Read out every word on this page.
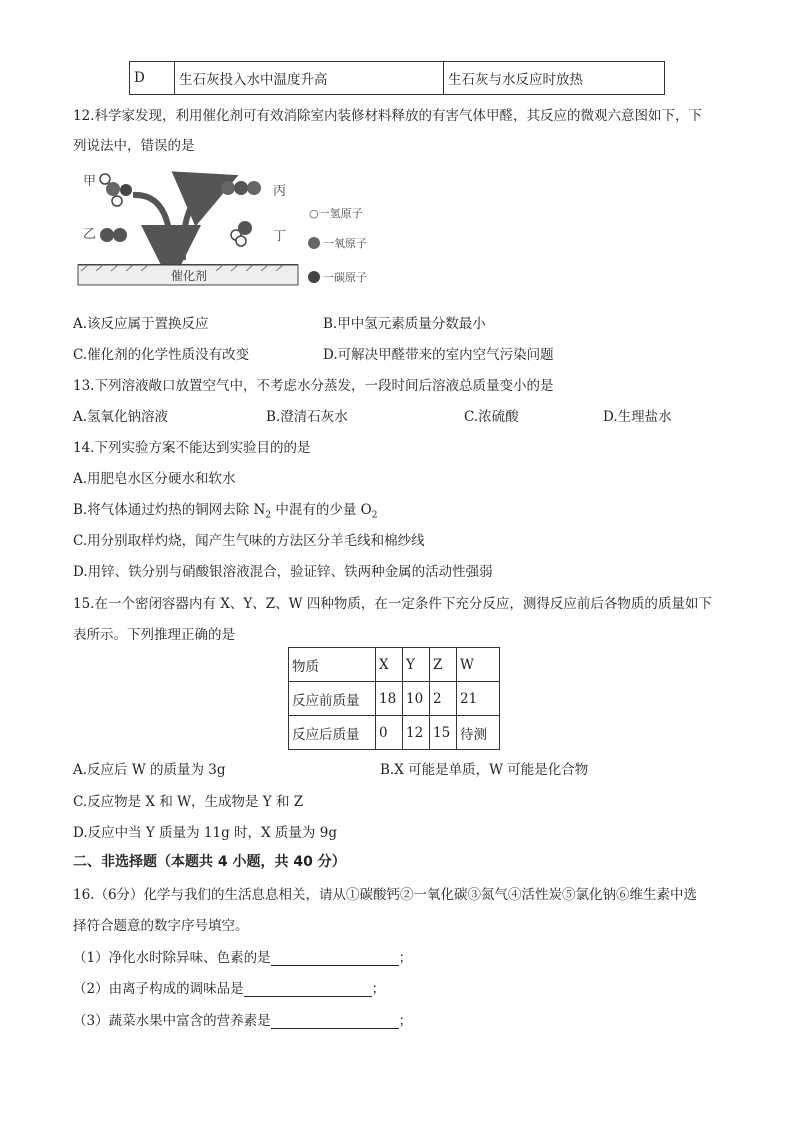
D	生石灰投入水中温度升高	生石灰与水反应时放热
12.科学家发现，利用催化剂可有效消除室内装修材料释放的有害气体甲醛，其反应的微观六意图如下，下
列说法中，错误的是
甲
乙
丙
丁
催化剂
○一氢原子
一氧原子
一碳原子
A.该反应属于置换反应	B.甲中氢元素质量分数最小
C.催化剂的化学性质没有改变	D.可解决甲醛带来的室内空气污染问题
13.下列溶液敞口放置空气中，不考虑水分蒸发，一段时间后溶液总质量变小的是
A.氢氧化钠溶液	B.澄清石灰水	C.浓硫酸	D.生理盐水
14.下列实验方案不能达到实验目的的是
A.用肥皂水区分硬水和软水
B.将气体通过灼热的铜网去除 $N_2$ 中混有的少量 $O_2$
C.用分别取样灼烧，闻产生气味的方法区分羊毛线和棉纱线
D.用锌、铁分别与硝酸银溶液混合，验证锌、铁两种金属的活动性强弱
15.在一个密闭容器内有 X、Y、Z、W 四种物质，在一定条件下充分反应，测得反应前后各物质的质量如下
表所示。下列推理正确的是
物质	X	Y	Z	W
反应前质量	18	10	2	21
反应后质量	0	12	15	待测
A.反应后 W 的质量为 3g	B.X 可能是单质，W 可能是化合物
C.反应物是 X 和 W，生成物是 Y 和 Z
D.反应中当 Y 质量为 11g 时，X 质量为 9g
二、非选择题（本题共 4 小题，共 40 分）
16.（6分）化学与我们的生活息息相关，请从①碳酸钙②一氧化碳③氮气④活性炭⑤氯化钠⑥维生素中选
择符合题意的数字序号填空。
（1）净化水时除异味、色素的是	；
（2）由离子构成的调味品是	；
（3）蔬菜水果中富含的营养素是	；
